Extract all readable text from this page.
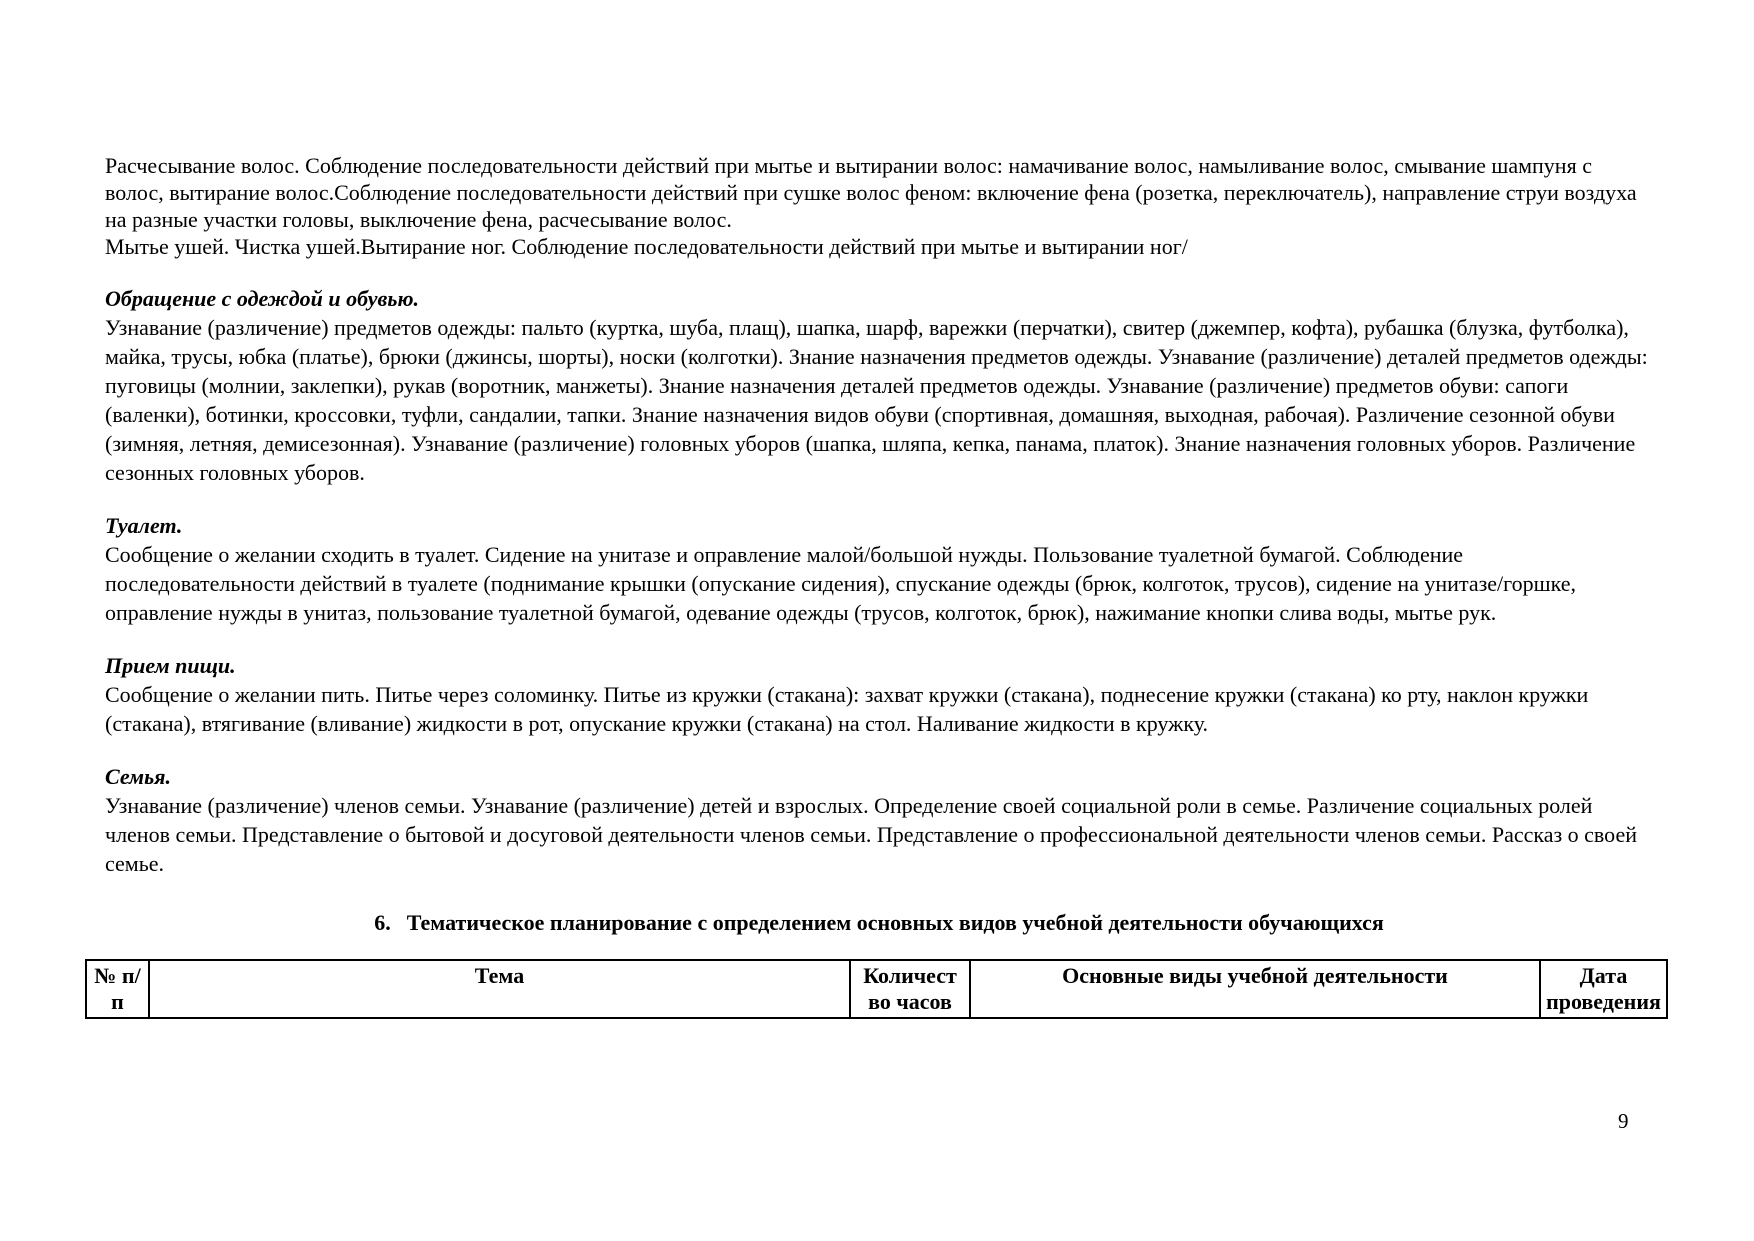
Расчесывание волос. Соблюдение последовательности действий при мытье и вытирании волос: намачивание волос, намыливание волос, смывание шампуня с волос, вытирание волос.Соблюдение последовательности действий при сушке волос феном: включение фена (розетка, переключатель), направление струи воздуха на разные участки головы, выключение фена, расчесывание волос.

Мытье ушей. Чистка ушей.Вытирание ног. Соблюдение последовательности действий при мытье и вытирании ног/

Обращение с одеждой и обувью.

Узнавание (различение) предметов одежды: пальто (куртка, шуба, плащ), шапка, шарф, варежки (перчатки), свитер (джемпер, кофта), рубашка (блузка, футболка), майка, трусы, юбка (платье), брюки (джинсы, шорты), носки (колготки). Знание назначения предметов одежды. Узнавание (различение) деталей предметов одежды: пуговицы (молнии, заклепки), рукав (воротник, манжеты). Знание назначения деталей предметов одежды. Узнавание (различение) предметов обуви: сапоги (валенки), ботинки, кроссовки, туфли, сандалии, тапки. Знание назначения видов обуви (спортивная, домашняя, выходная, рабочая). Различение сезонной обуви (зимняя, летняя, демисезонная). Узнавание (различение) головных уборов (шапка, шляпа, кепка, панама, платок). Знание назначения головных уборов. Различение сезонных головных уборов.

Туалет.

Сообщение о желании сходить в туалет. Сидение на унитазе и оправление малой/большой нужды. Пользование туалетной бумагой. Соблюдение последовательности действий в туалете (поднимание крышки (опускание сидения), спускание одежды (брюк, колготок, трусов), сидение на унитазе/горшке, оправление нужды в унитаз, пользование туалетной бумагой, одевание одежды (трусов, колготок, брюк), нажимание кнопки слива воды, мытье рук.

Прием пищи.

Сообщение о желании пить. Питье через соломинку. Питье из кружки (стакана): захват кружки (стакана), поднесение кружки (стакана) ко рту, наклон кружки (стакана), втягивание (вливание) жидкости в рот, опускание кружки (стакана) на стол. Наливание жидкости в кружку.

Семья.

Узнавание (различение) членов семьи. Узнавание (различение) детей и взрослых. Определение своей социальной роли в семье. Различение социальных ролей членов семьи. Представление о бытовой и досуговой деятельности членов семьи. Представление о профессиональной деятельности членов семьи. Рассказ о своей семье.

6. Тематическое планирование с определением основных видов учебной деятельности обучающихся
№ п/п	Тема	Количест во часов	Основные виды учебной деятельности	Дата проведения
9
